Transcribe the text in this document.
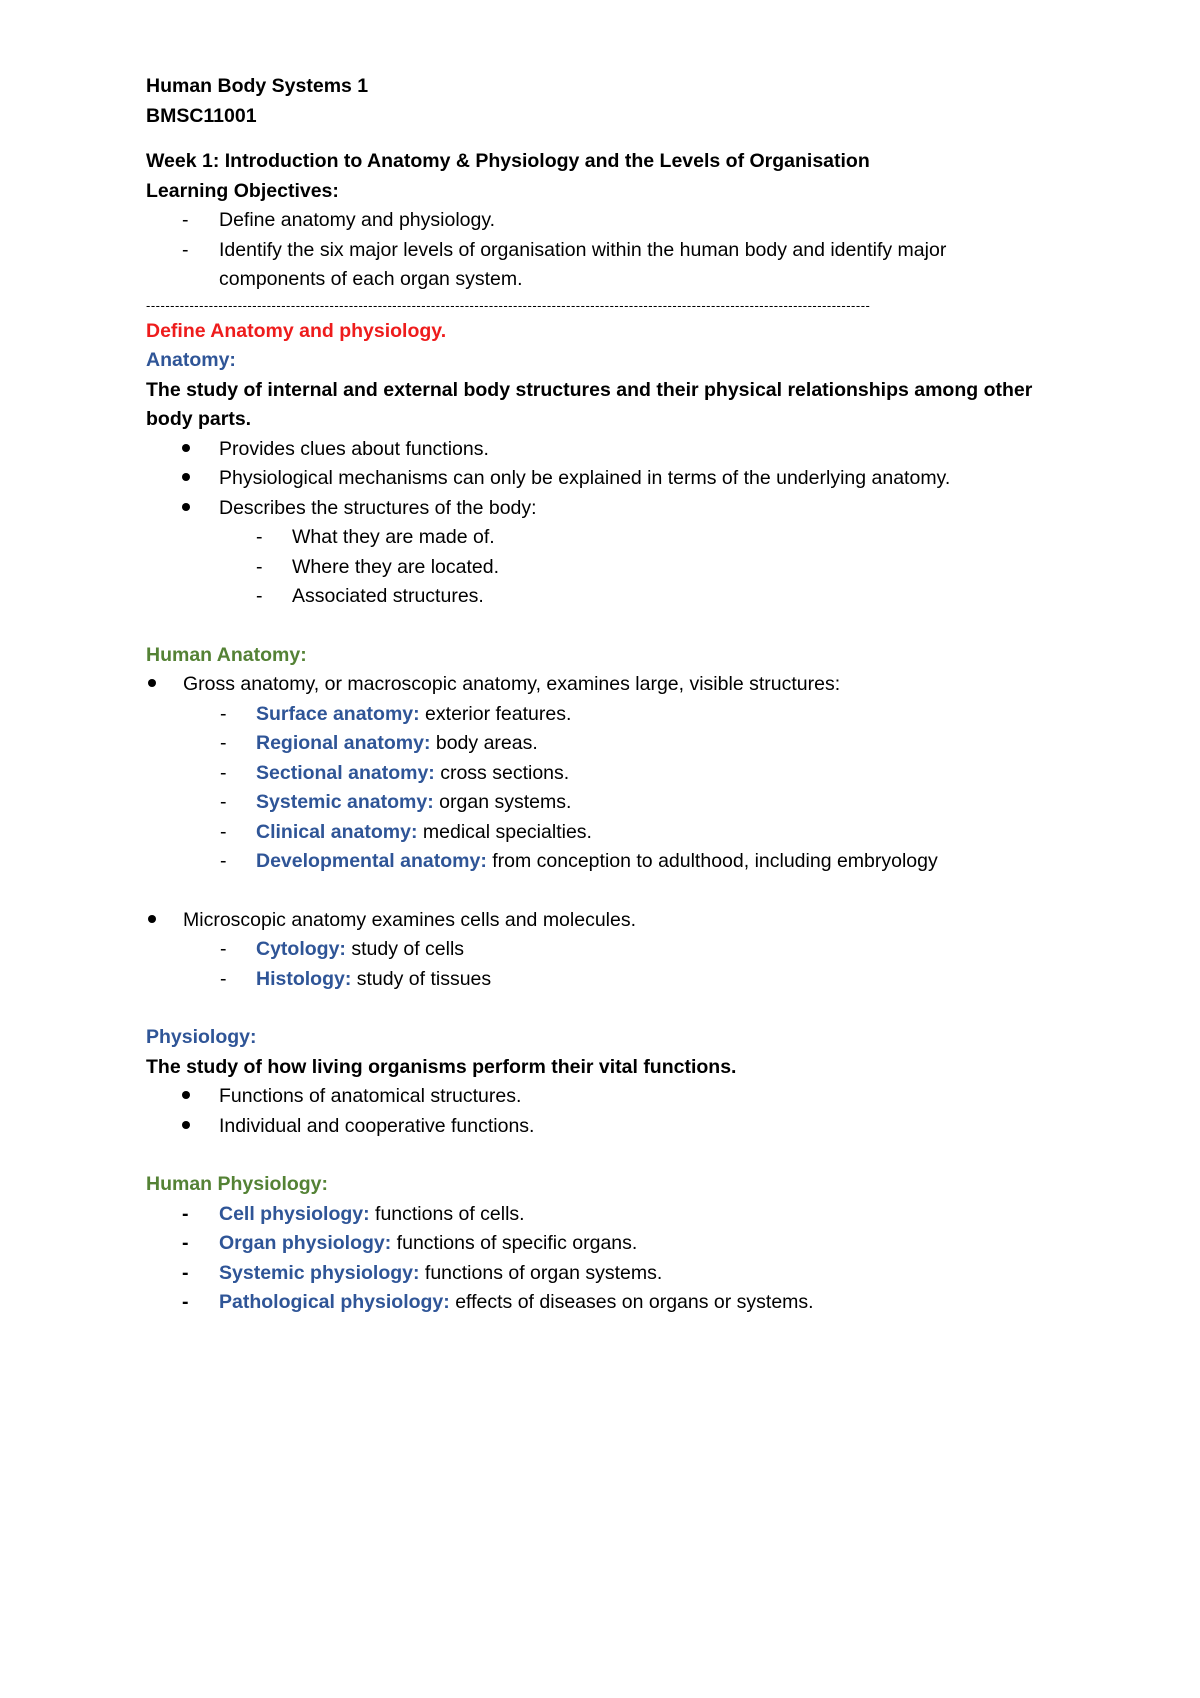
Human Body Systems 1

BMSC11001

Week 1: Introduction to Anatomy & Physiology and the Levels of Organisation

Learning Objectives:

-	Define anatomy and physiology.
-	Identify the six major levels of organisation within the human body and identify major components of each organ system.

------------------------------------------------------------------------------------------------------------------------------------------------------

Define Anatomy and physiology.

Anatomy:

The study of internal and external body structures and their physical relationships among other body parts.

Provides clues about functions.
Physiological mechanisms can only be explained in terms of the underlying anatomy.
Describes the structures of the body:
-	What they are made of.
-	Where they are located.
-	Associated structures.

Human Anatomy:

Gross anatomy, or macroscopic anatomy, examines large, visible structures:
-	Surface anatomy: exterior features.
-	Regional anatomy: body areas.
-	Sectional anatomy: cross sections.
-	Systemic anatomy: organ systems.
-	Clinical anatomy: medical specialties.
-	Developmental anatomy: from conception to adulthood, including embryology
Microscopic anatomy examines cells and molecules.
-	Cytology: study of cells
-	Histology: study of tissues

Physiology:

The study of how living organisms perform their vital functions.

Functions of anatomical structures.
Individual and cooperative functions.

Human Physiology:

-	Cell physiology: functions of cells.
-	Organ physiology: functions of specific organs.
-	Systemic physiology: functions of organ systems.
-	Pathological physiology: effects of diseases on organs or systems.
